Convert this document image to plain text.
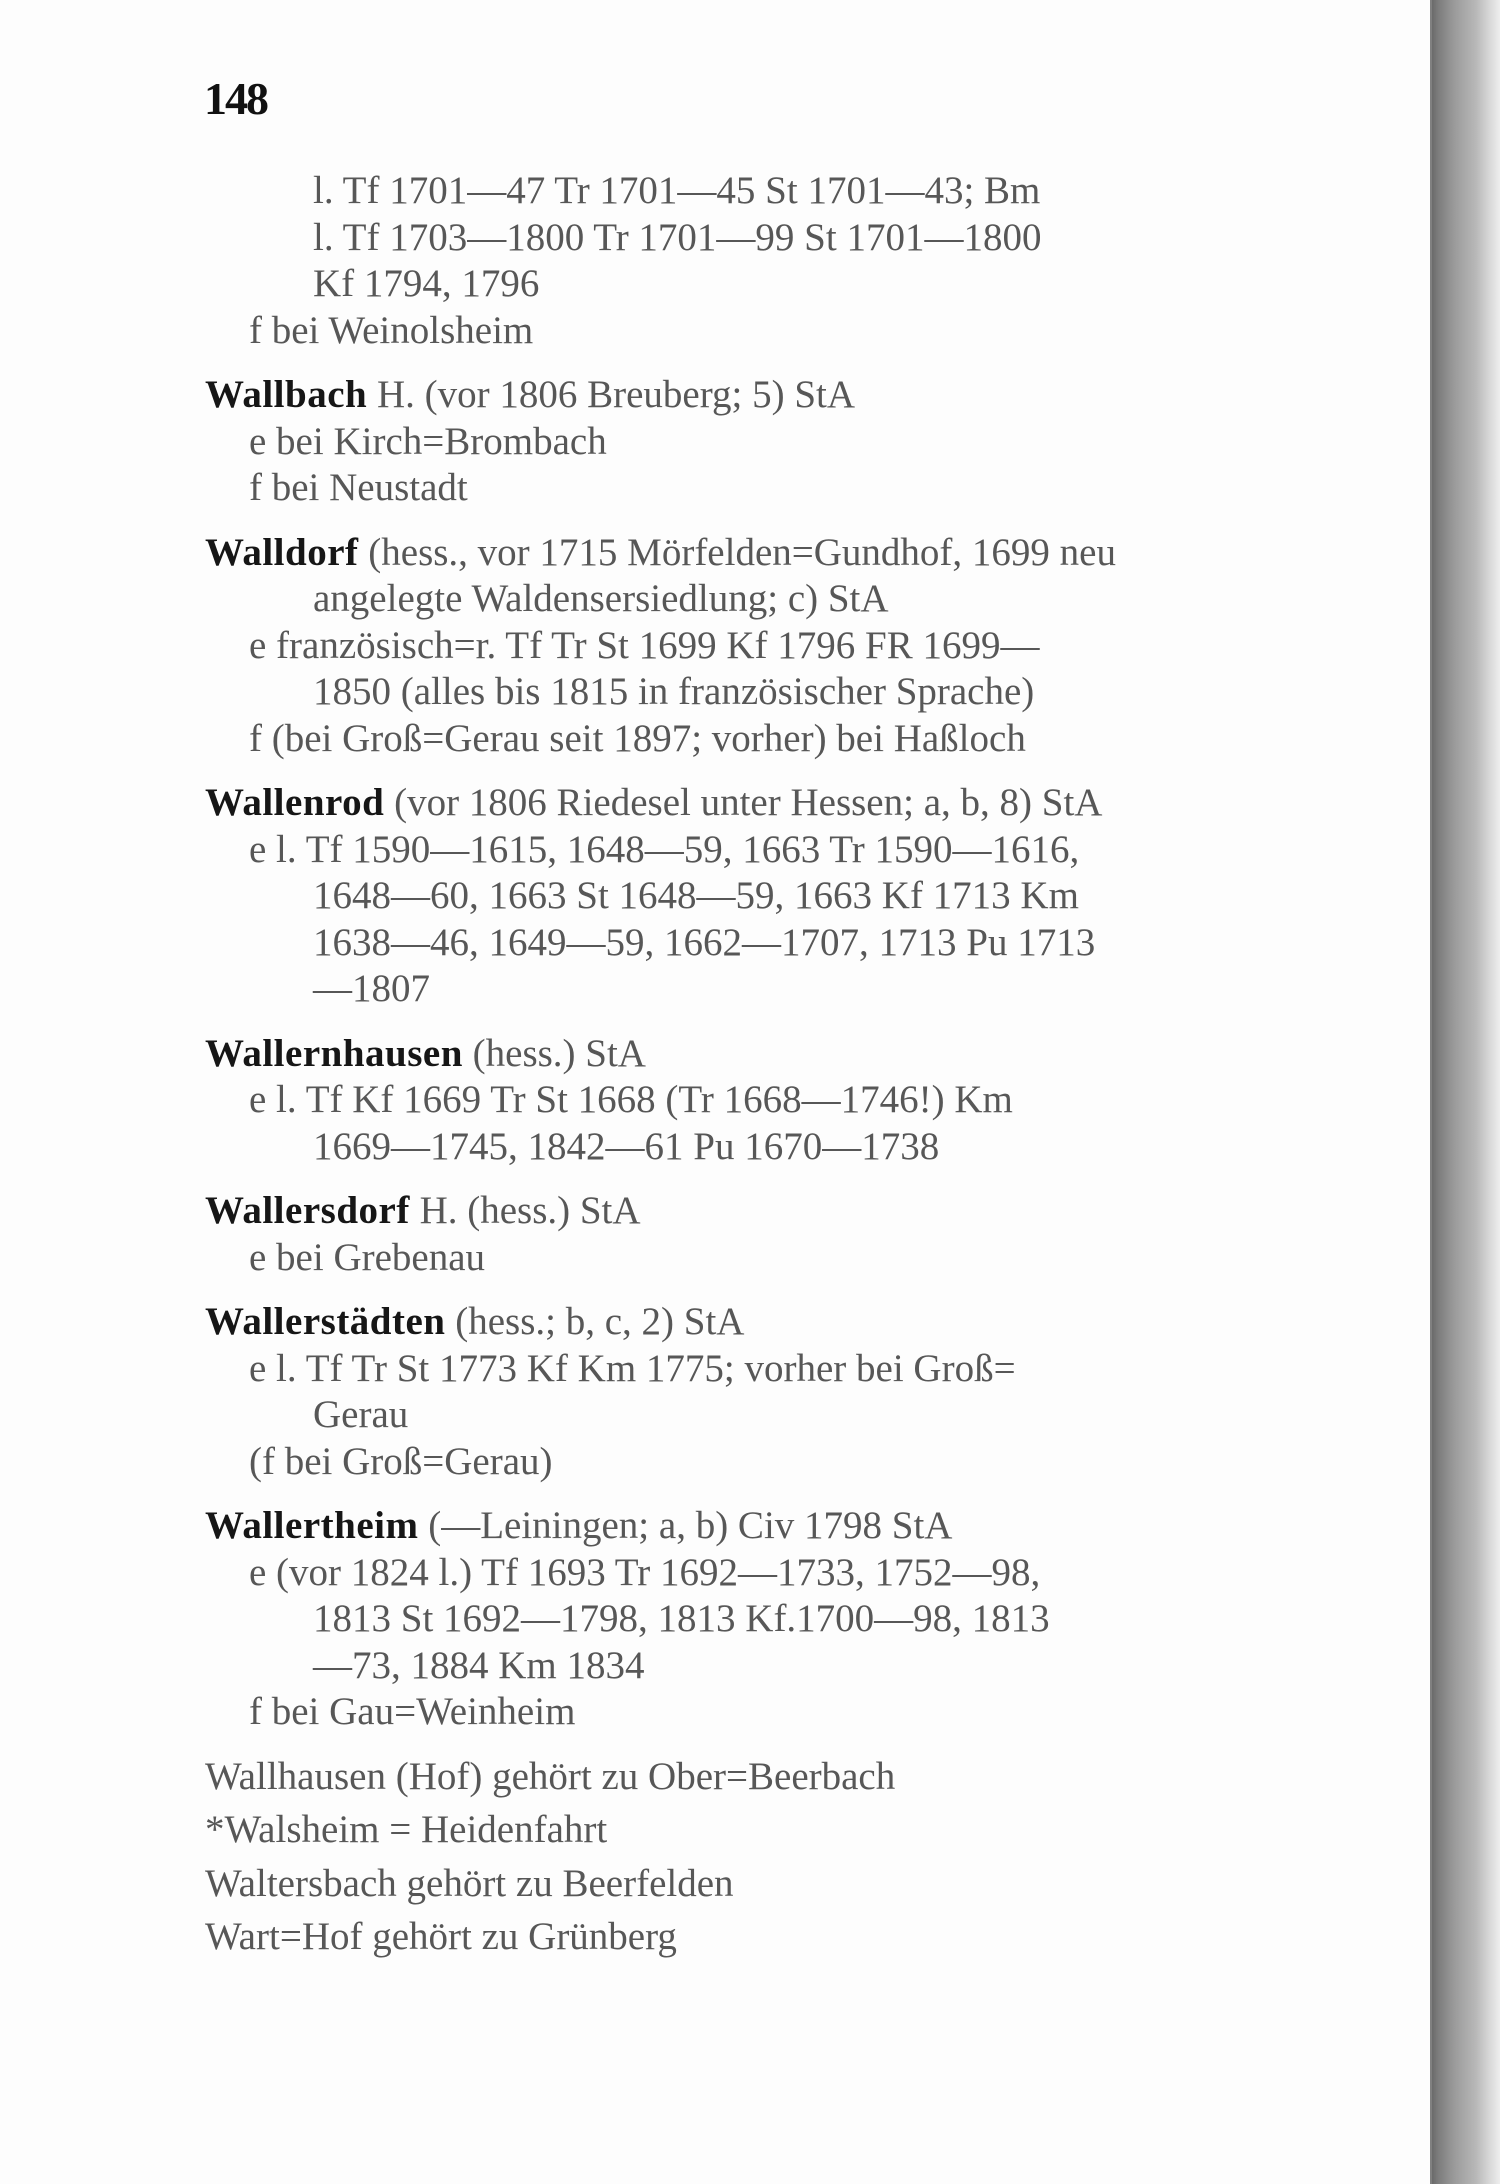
148
l. Tf 1701—47 Tr 1701—45 St 1701—43; Bm
l. Tf 1703—1800 Tr 1701—99 St 1701—1800
Kf 1794, 1796
f bei Weinolsheim
Wallbach H. (vor 1806 Breuberg; 5) StA
e bei Kirch=Brombach
f bei Neustadt
Walldorf (hess., vor 1715 Mörfelden=Gundhof, 1699 neu
angelegte Waldensersiedlung; c) StA
e französisch=r. Tf Tr St 1699 Kf 1796 FR 1699—
1850 (alles bis 1815 in französischer Sprache)
f (bei Groß=Gerau seit 1897; vorher) bei Haßloch
Wallenrod (vor 1806 Riedesel unter Hessen; a, b, 8) StA
e l. Tf 1590—1615, 1648—59, 1663 Tr 1590—1616,
1648—60, 1663 St 1648—59, 1663 Kf 1713 Km
1638—46, 1649—59, 1662—1707, 1713 Pu 1713
—1807
Wallernhausen (hess.) StA
e l. Tf Kf 1669 Tr St 1668 (Tr 1668—1746!) Km
1669—1745, 1842—61 Pu 1670—1738
Wallersdorf H. (hess.) StA
e bei Grebenau
Wallerstädten (hess.; b, c, 2) StA
e l. Tf Tr St 1773 Kf Km 1775; vorher bei Groß=
Gerau
(f bei Groß=Gerau)
Wallertheim (—Leiningen; a, b) Civ 1798 StA
e (vor 1824 l.) Tf 1693 Tr 1692—1733, 1752—98,
1813 St 1692—1798, 1813 Kf.1700—98, 1813
—73, 1884 Km 1834
f bei Gau=Weinheim
Wallhausen (Hof) gehört zu Ober=Beerbach
*Walsheim = Heidenfahrt
Waltersbach gehört zu Beerfelden
Wart=Hof gehört zu Grünberg
